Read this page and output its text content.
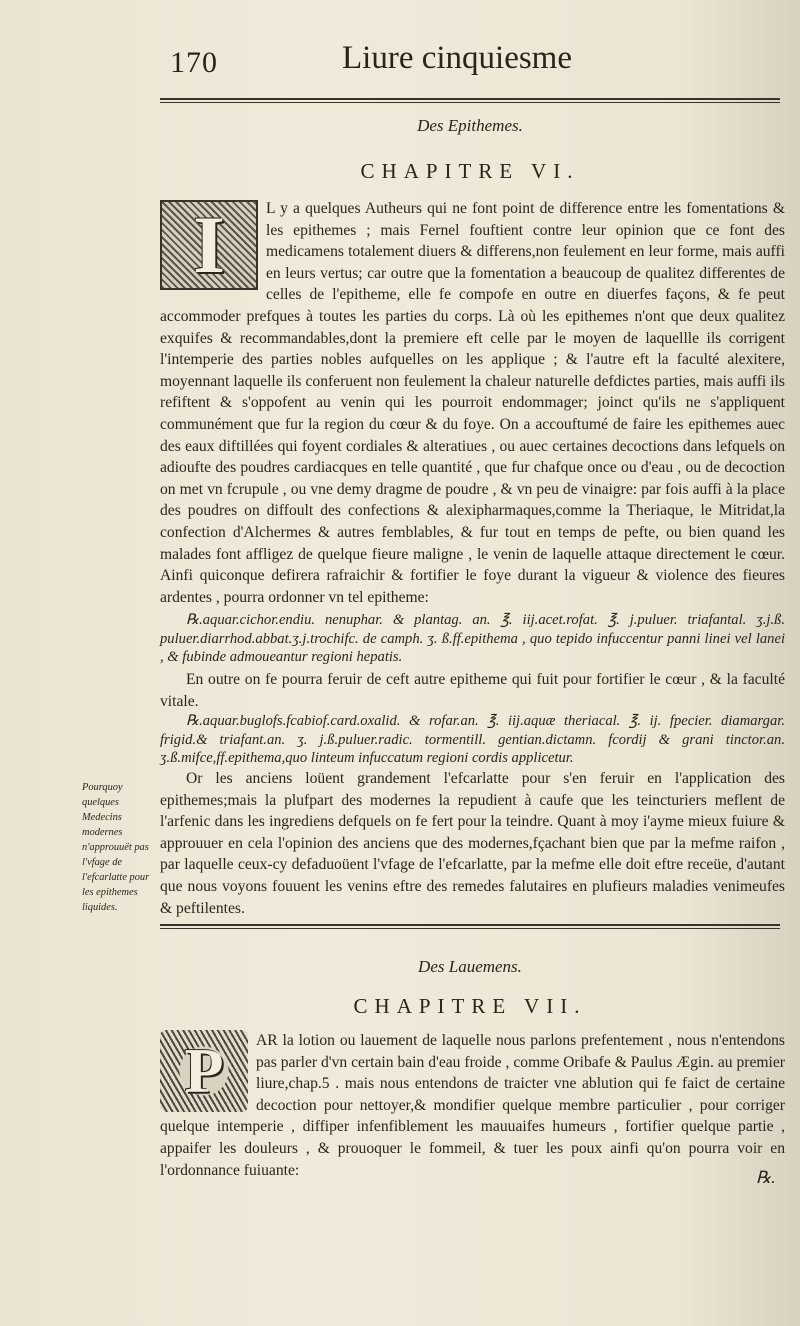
170	Liure cinquiesme
Des Epithemes.
CHAPITRE VI.
I	L y a quelques Autheurs qui ne font point de difference entre les fomentations & les epithemes ; mais Fernel fouftient contre leur opinion que ce font des medicamens totalement diuers & differens,non feulement en leur forme, mais auffi en leurs vertus; car outre que la fomentation a beaucoup de qualitez differentes de celles de l'epitheme, elle fe compofe en outre en diuerfes façons, & fe peut accommoder prefques à toutes les parties du corps. Là où les epithemes n'ont que deux qualitez exquifes & recommandables,dont la premiere eft celle par le moyen de laquellle ils corrigent l'intemperie des parties nobles aufquelles on les applique ; & l'autre eft la faculté alexitere, moyennant laquelle ils conferuent non feulement la chaleur naturelle defdictes parties, mais auffi ils refiftent & s'oppofent au venin qui les pourroit endommager; joinct qu'ils ne s'appliquent communément que fur la region du cœur & du foye. On a accouftumé de faire les epithemes auec des eaux diftillées qui foyent cordiales & alteratiues , ou auec certaines decoctions dans lefquels on adioufte des poudres cardiacques en telle quantité , que fur chafque once ou d'eau , ou de decoction on met vn fcrupule , ou vne demy dragme de poudre , & vn peu de vinaigre: par fois auffi à la place des poudres on diffoult des confections & alexipharmaques,comme la Theriaque, le Mitridat,la confection d'Alchermes & autres femblables, & fur tout en temps de pefte, ou bien quand les malades font affligez de quelque fieure maligne , le venin de laquelle attaque directement le cœur. Ainfi quiconque defirera rafraichir & fortifier le foye durant la vigueur & violence des fieures ardentes , pourra ordonner vn tel epitheme:

℞.aquar.cichor.endiu. nenuphar. & plantag. an. ℥. iij.acet.rofat. ℥. j.puluer. triafantal. ʒ.j.ß. puluer.diarrhod.abbat.ʒ.j.trochifc. de camph. ʒ. ß.ff.epithema , quo tepido infuccentur panni linei vel lanei , & fubinde admoueantur regioni hepatis.

En outre on fe pourra feruir de ceft autre epitheme qui fuit pour fortifier le cœur , & la faculté vitale.

℞.aquar.buglofs.fcabiof.card.oxalid. & rofar.an. ℥. iij.aquæ theriacal. ℥. ij. fpecier. diamargar. frigid.& triafant.an. ʒ. j.ß.puluer.radic. tormentill. gentian.dictamn. fcordij & grani tinctor.an. ʒ.ß.mifce,ff.epithema,quo linteum infuccatum regioni cordis applicetur.

Or les anciens loüent grandement l'efcarlatte pour s'en feruir en l'application des epithemes;mais la plufpart des modernes la repudient à caufe que les teincturiers meflent de l'arfenic dans les ingrediens defquels on fe fert pour la teindre. Quant à moy i'ayme mieux fuiure & approuuer en cela l'opinion des anciens que des modernes,fçachant bien que par la mefme raifon , par laquelle ceux-cy defaduoüent l'vfage de l'efcarlatte, par la mefme elle doit eftre receüe, d'autant que nous voyons fouuent les venins eftre des remedes falutaires en plufieurs maladies venimeufes & peftilentes.

Pourquoy quelques Medecins modernes n'approuuët pas l'vfage de l'efcarlatte pour les epithemes liquides.
Des Lauemens.
CHAPITRE VII.
P	AR la lotion ou lauement de laquelle nous parlons prefentement , nous n'entendons pas parler d'vn certain bain d'eau froide , comme Oribafe & Paulus Ægin. au premier liure,chap.5 . mais nous entendons de traicter vne ablution qui fe faict de certaine decoction pour nettoyer,& mondifier quelque membre particulier , pour corriger quelque intemperie , diffiper infenfiblement les mauuaifes humeurs , fortifier quelque partie , appaifer les douleurs , & prouoquer le fommeil, & tuer les poux ainfi qu'on pourra voir en l'ordonnance fuiuante:	℞.
